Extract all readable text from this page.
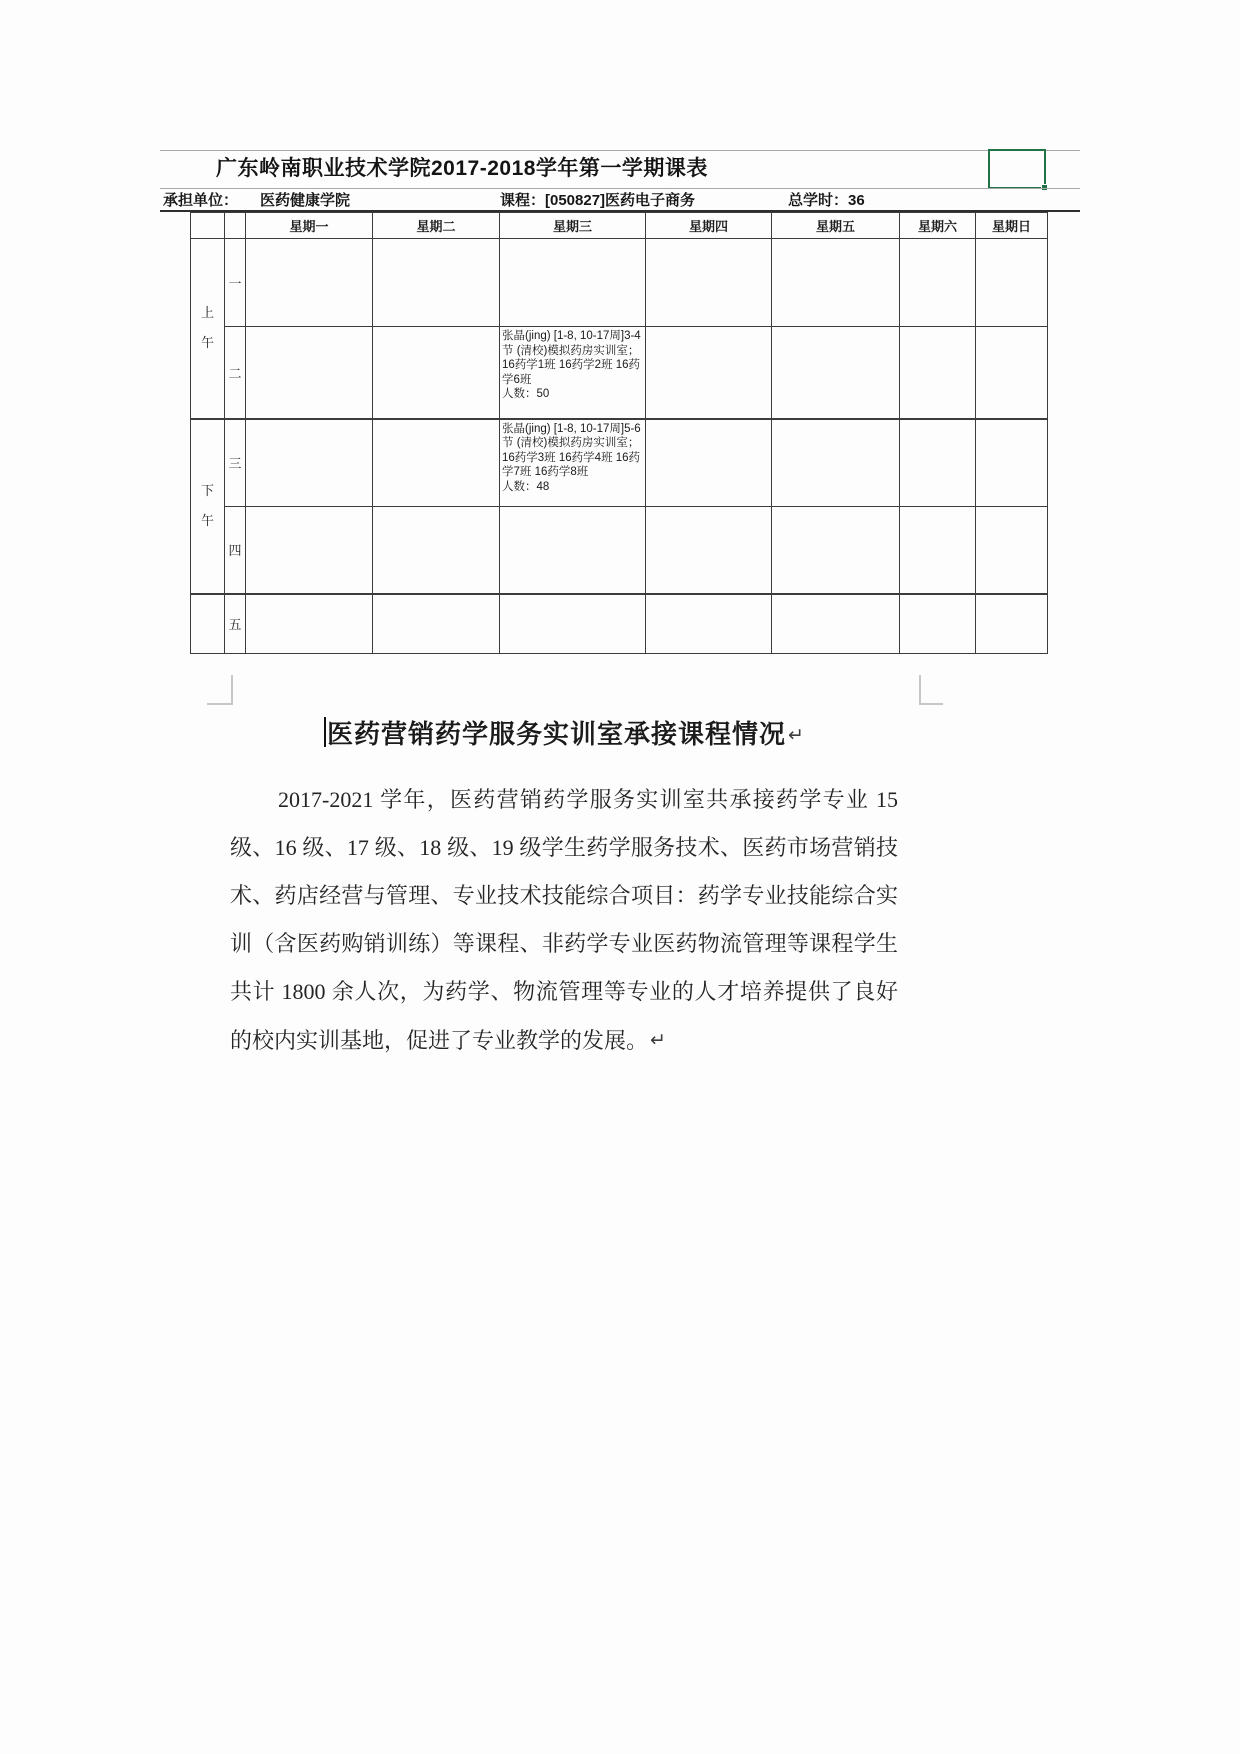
广东岭南职业技术学院2017-2018学年第一学期课表
承担单位： 医药健康学院	课程：[050827]医药电子商务	总学时：36
		星期一	星期二	星期三	星期四	星期五	星期六	星期日
上午	一							
	二			张晶(jing) [1-8, 10-17周]3-4节 (清校)模拟药房实训室；16药学1班 16药学2班 16药学6班
人数：50				

下午	三			张晶(jing) [1-8, 10-17周]5-6节 (清校)模拟药房实训室；16药学3班 16药学4班 16药学7班 16药学8班
人数：48				

	四							
	五							
医药营销药学服务实训室承接课程情况 ↵
2017-2021 学年，医药营销药学服务实训室共承接药学专业 15
级、16 级、17 级、18 级、19 级学生药学服务技术、医药市场营销技
术、药店经营与管理、专业技术技能综合项目：药学专业技能综合实
训（含医药购销训练）等课程、非药学专业医药物流管理等课程学生
共计 1800 余人次，为药学、物流管理等专业的人才培养提供了良好
的校内实训基地，促进了专业教学的发展。 ↵
